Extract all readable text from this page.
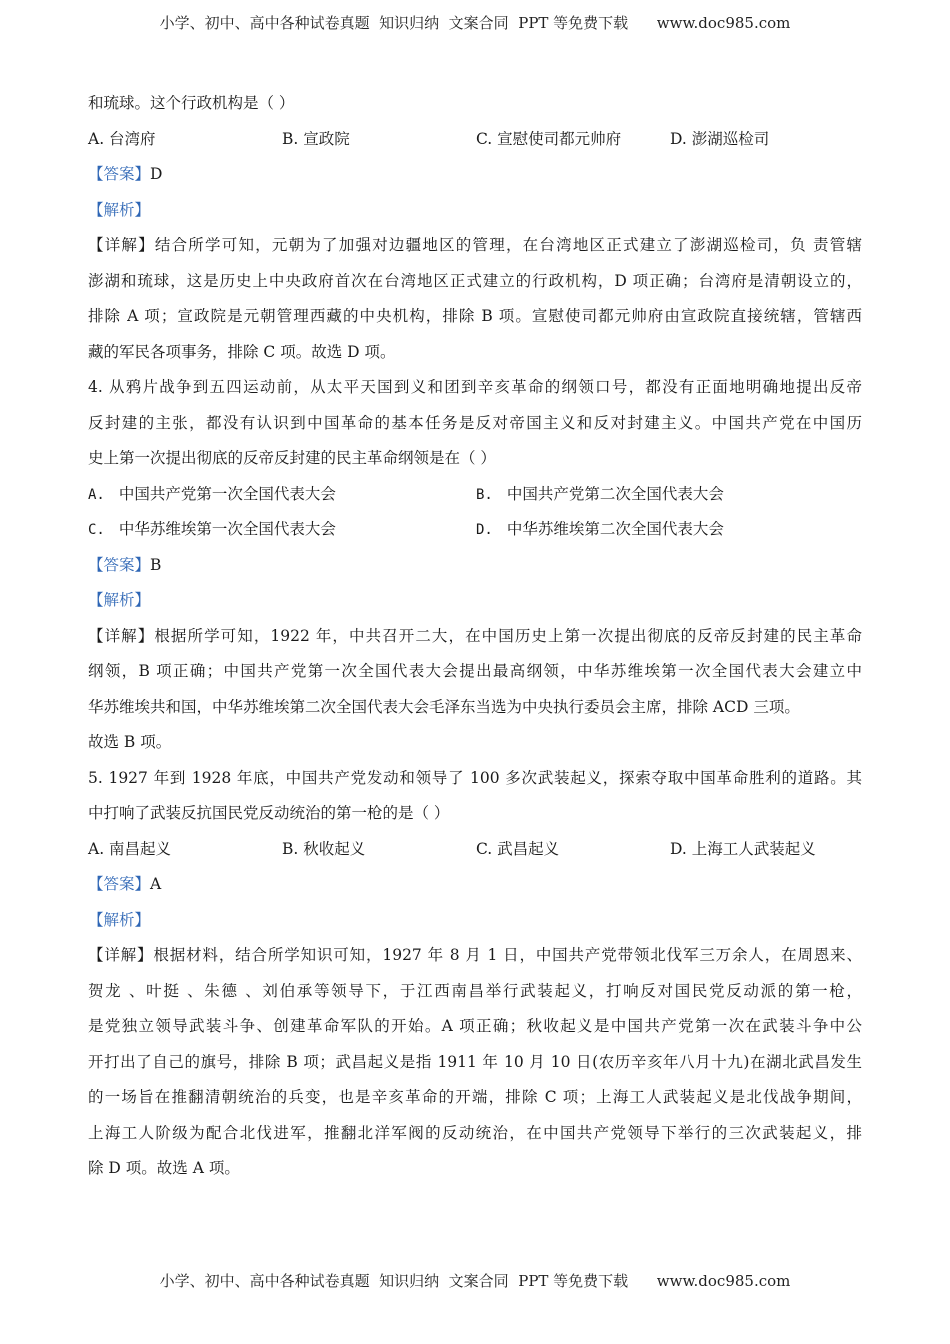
小学、初中、高中各种试卷真题  知识归纳  文案合同  PPT 等免费下载      www.doc985.com
和琉球。这个行政机构是（ ）
A. 台湾府	B. 宣政院	C. 宣慰使司都元帅府	D. 澎湖巡检司
【答案】D
【解析】
【详解】结合所学可知，元朝为了加强对边疆地区的管理，在台湾地区正式建立了澎湖巡检司，负 责管辖
澎湖和琉球，这是历史上中央政府首次在台湾地区正式建立的行政机构，D 项正确；台湾府是清朝设立的，
排除 A 项；宣政院是元朝管理西藏的中央机构，排除 B 项。宣慰使司都元帅府由宣政院直接统辖，管辖西
藏的军民各项事务，排除 C 项。故选 D 项。
4. 从鸦片战争到五四运动前，从太平天国到义和团到辛亥革命的纲领口号，都没有正面地明确地提出反帝
反封建的主张，都没有认识到中国革命的基本任务是反对帝国主义和反对封建主义。中国共产党在中国历
史上第一次提出彻底的反帝反封建的民主革命纲领是在（ ）
A. 中国共产党第一次全国代表大会	B. 中国共产党第二次全国代表大会
C. 中华苏维埃第一次全国代表大会	D. 中华苏维埃第二次全国代表大会
【答案】B
【解析】
【详解】根据所学可知，1922 年，中共召开二大，在中国历史上第一次提出彻底的反帝反封建的民主革命
纲领，B 项正确；中国共产党第一次全国代表大会提出最高纲领，中华苏维埃第一次全国代表大会建立中
华苏维埃共和国，中华苏维埃第二次全国代表大会毛泽东当选为中央执行委员会主席，排除 ACD 三项。
故选 B 项。
5. 1927 年到 1928 年底，中国共产党发动和领导了 100 多次武装起义，探索夺取中国革命胜利的道路。其
中打响了武装反抗国民党反动统治的第一枪的是（ ）
A. 南昌起义	B. 秋收起义	C. 武昌起义	D. 上海工人武装起义
【答案】A
【解析】
【详解】根据材料，结合所学知识可知，1927 年 8 月 1 日，中国共产党带领北伐军三万余人，在周恩来、
贺龙 、叶挺 、朱德 、刘伯承等领导下，于江西南昌举行武装起义，打响反对国民党反动派的第一枪，
是党独立领导武装斗争、创建革命军队的开始。A 项正确；秋收起义是中国共产党第一次在武装斗争中公
开打出了自己的旗号，排除 B 项；武昌起义是指 1911 年 10 月 10 日(农历辛亥年八月十九)在湖北武昌发生
的一场旨在推翻清朝统治的兵变，也是辛亥革命的开端，排除 C 项；上海工人武装起义是北伐战争期间，
上海工人阶级为配合北伐进军，推翻北洋军阀的反动统治，在中国共产党领导下举行的三次武装起义，排
除 D 项。故选 A 项。
小学、初中、高中各种试卷真题  知识归纳  文案合同  PPT 等免费下载      www.doc985.com
